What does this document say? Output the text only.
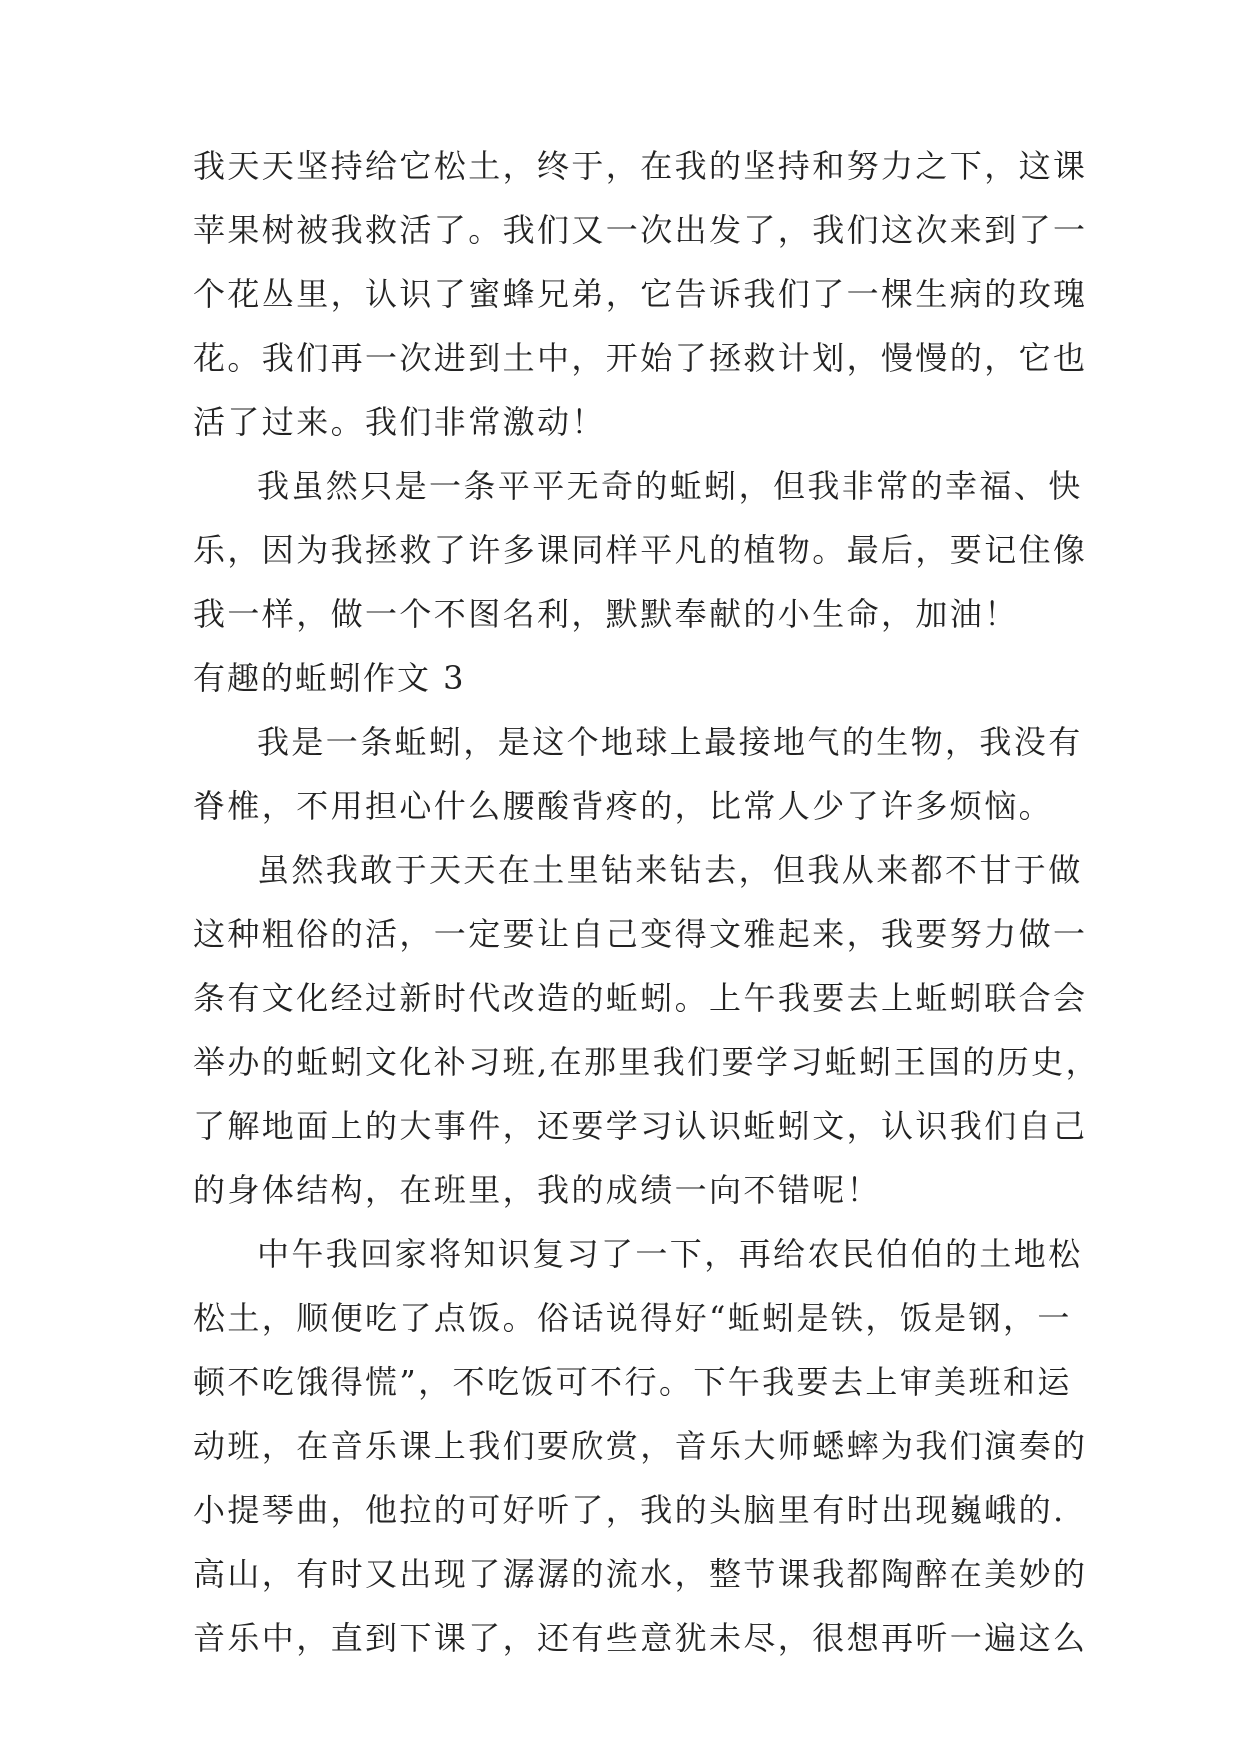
我天天坚持给它松土，终于，在我的坚持和努力之下，这课
苹果树被我救活了。我们又一次出发了，我们这次来到了一
个花丛里，认识了蜜蜂兄弟，它告诉我们了一棵生病的玫瑰
花。我们再一次进到土中，开始了拯救计划，慢慢的，它也
活了过来。我们非常激动！
我虽然只是一条平平无奇的蚯蚓，但我非常的幸福、快
乐，因为我拯救了许多课同样平凡的植物。最后，要记住像
我一样，做一个不图名利，默默奉献的小生命，加油！
有趣的蚯蚓作文 3
我是一条蚯蚓，是这个地球上最接地气的生物，我没有
脊椎，不用担心什么腰酸背疼的，比常人少了许多烦恼。
虽然我敢于天天在土里钻来钻去，但我从来都不甘于做
这种粗俗的活，一定要让自己变得文雅起来，我要努力做一
条有文化经过新时代改造的蚯蚓。上午我要去上蚯蚓联合会
举办的蚯蚓文化补习班,在那里我们要学习蚯蚓王国的历史，
了解地面上的大事件，还要学习认识蚯蚓文，认识我们自己
的身体结构，在班里，我的成绩一向不错呢！
中午我回家将知识复习了一下，再给农民伯伯的土地松
松土，顺便吃了点饭。俗话说得好“蚯蚓是铁，饭是钢，一
顿不吃饿得慌”，不吃饭可不行。下午我要去上审美班和运
动班，在音乐课上我们要欣赏，音乐大师蟋蟀为我们演奏的
小提琴曲，他拉的可好听了，我的头脑里有时出现巍峨的.
高山，有时又出现了潺潺的流水，整节课我都陶醉在美妙的
音乐中，直到下课了，还有些意犹未尽，很想再听一遍这么
